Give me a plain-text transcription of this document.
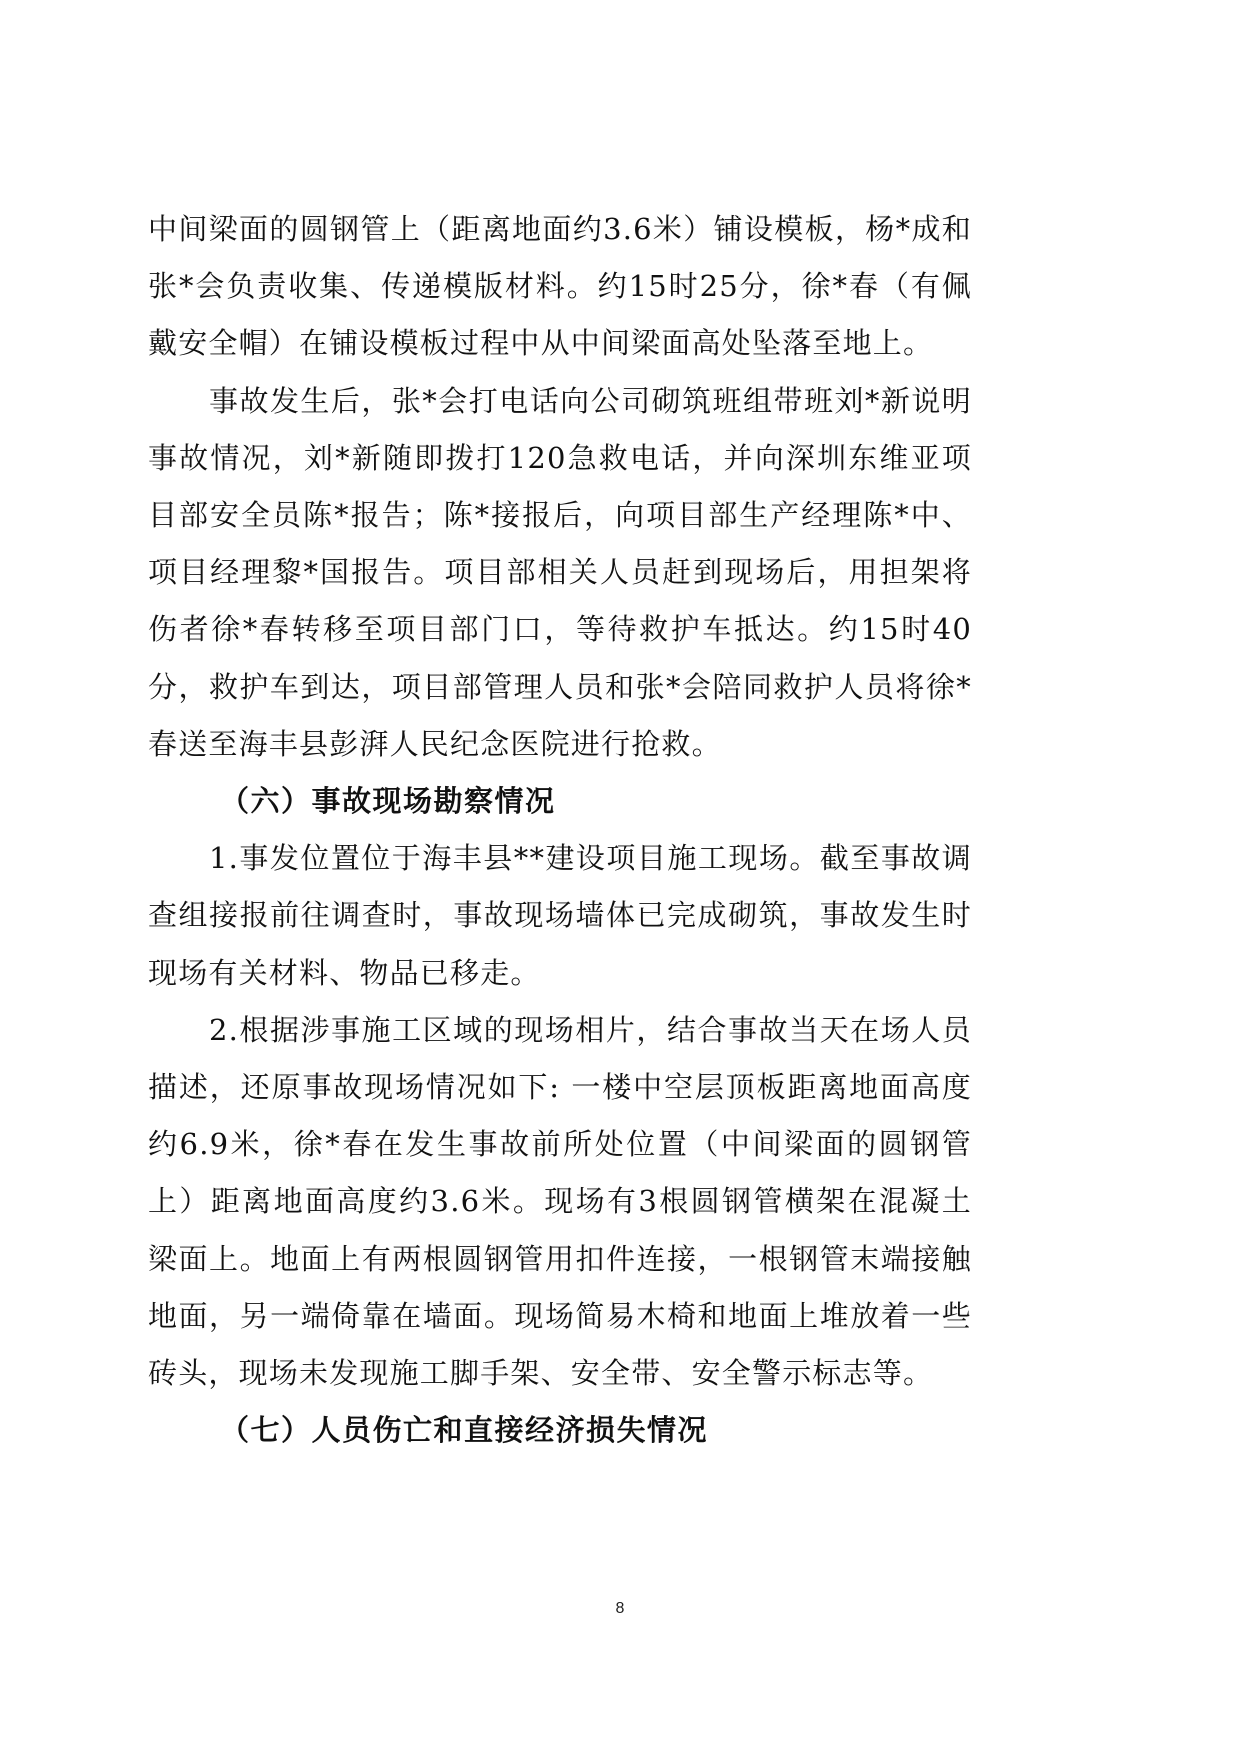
中间梁面的圆钢管上（距离地面约3.6米）铺设模板，杨*成和张*会负责收集、传递模版材料。约15时25分，徐*春（有佩戴安全帽）在铺设模板过程中从中间梁面高处坠落至地上。

事故发生后，张*会打电话向公司砌筑班组带班刘*新说明事故情况，刘*新随即拨打120急救电话，并向深圳东维亚项目部安全员陈*报告；陈*接报后，向项目部生产经理陈*中、项目经理黎*国报告。项目部相关人员赶到现场后，用担架将伤者徐*春转移至项目部门口，等待救护车抵达。约15时40分，救护车到达，项目部管理人员和张*会陪同救护人员将徐*春送至海丰县彭湃人民纪念医院进行抢救。

（六）事故现场勘察情况

1.事发位置位于海丰县**建设项目施工现场。截至事故调查组接报前往调查时，事故现场墙体已完成砌筑，事故发生时现场有关材料、物品已移走。

2.根据涉事施工区域的现场相片，结合事故当天在场人员描述，还原事故现场情况如下: 一楼中空层顶板距离地面高度约6.9米，徐*春在发生事故前所处位置（中间梁面的圆钢管上）距离地面高度约3.6米。现场有3根圆钢管横架在混凝土梁面上。地面上有两根圆钢管用扣件连接，一根钢管末端接触地面，另一端倚靠在墙面。现场简易木椅和地面上堆放着一些砖头，现场未发现施工脚手架、安全带、安全警示标志等。

（七）人员伤亡和直接经济损失情况
8
